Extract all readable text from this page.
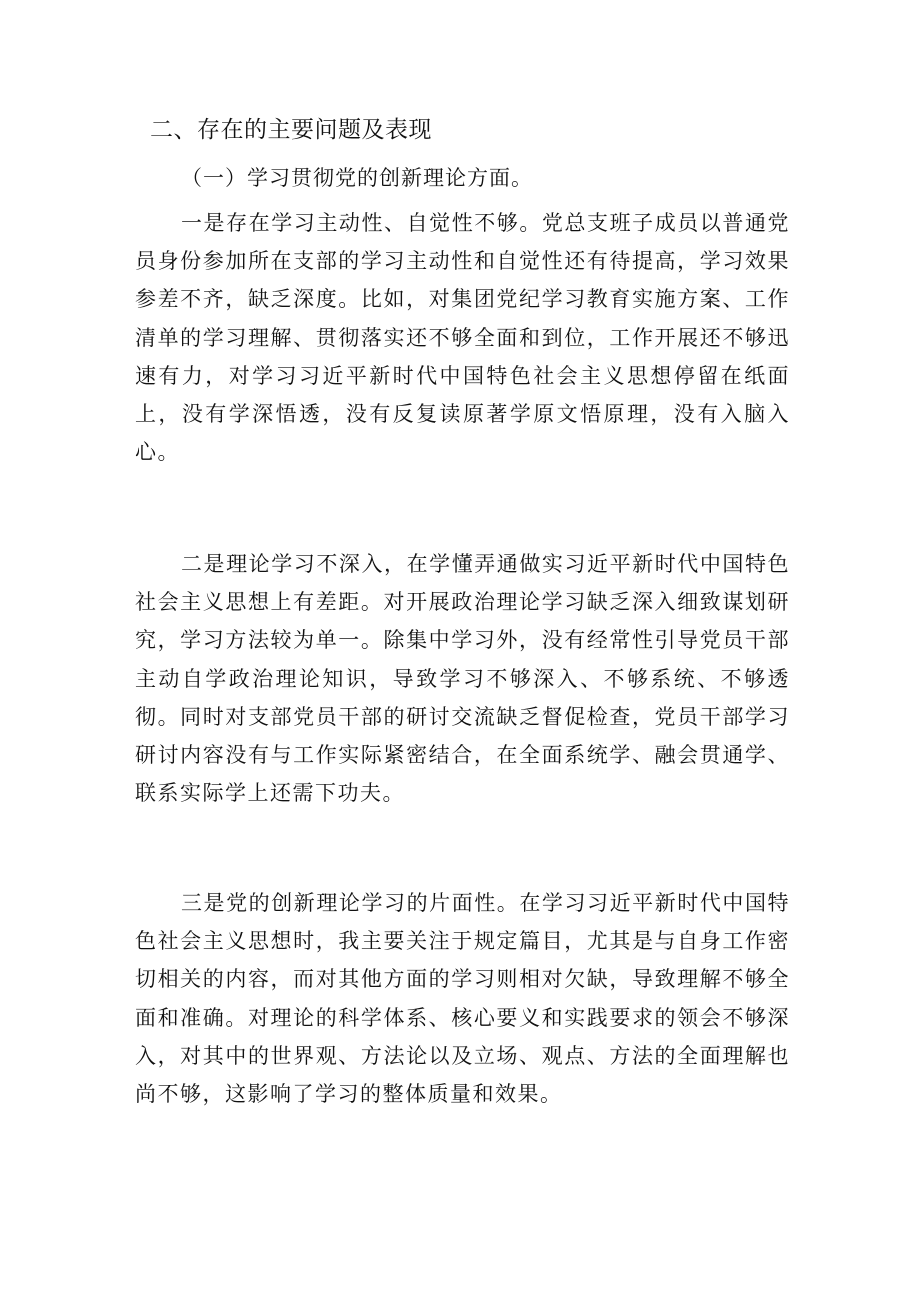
二、存在的主要问题及表现
（一）学习贯彻党的创新理论方面。

一是存在学习主动性、自觉性不够。党总支班子成员以普通党员身份参加所在支部的学习主动性和自觉性还有待提高，学习效果参差不齐，缺乏深度。比如，对集团党纪学习教育实施方案、工作清单的学习理解、贯彻落实还不够全面和到位，工作开展还不够迅速有力，对学习习近平新时代中国特色社会主义思想停留在纸面上，没有学深悟透，没有反复读原著学原文悟原理，没有入脑入心。

二是理论学习不深入，在学懂弄通做实习近平新时代中国特色社会主义思想上有差距。对开展政治理论学习缺乏深入细致谋划研究，学习方法较为单一。除集中学习外，没有经常性引导党员干部主动自学政治理论知识，导致学习不够深入、不够系统、不够透彻。同时对支部党员干部的研讨交流缺乏督促检查，党员干部学习研讨内容没有与工作实际紧密结合，在全面系统学、融会贯通学、联系实际学上还需下功夫。

三是党的创新理论学习的片面性。在学习习近平新时代中国特色社会主义思想时，我主要关注于规定篇目，尤其是与自身工作密切相关的内容，而对其他方面的学习则相对欠缺，导致理解不够全面和准确。对理论的科学体系、核心要义和实践要求的领会不够深入，对其中的世界观、方法论以及立场、观点、方法的全面理解也尚不够，这影响了学习的整体质量和效果。
